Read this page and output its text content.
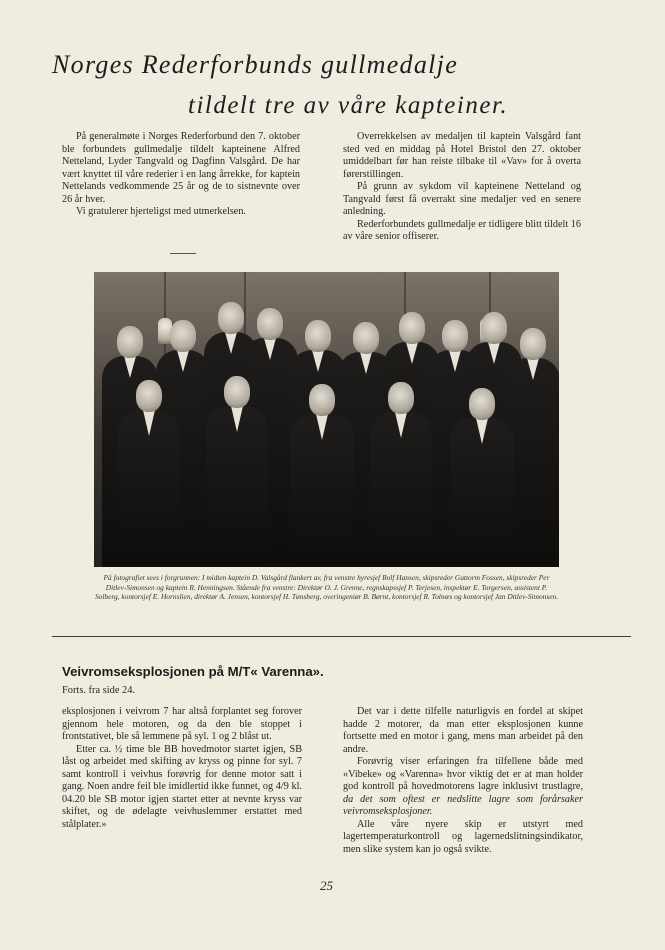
Norges Rederforbunds gullmedalje
tildelt tre av våre kapteiner.

På generalmøte i Norges Rederforbund den 7. oktober ble forbundets gullmedalje tildelt kapteinene Alfred Netteland, Lyder Tangvald og Dagfinn Valsgård. De har vært knyttet til våre rederier i en lang årrekke, for kaptein Nettelands vedkommende 25 år og de to sistnevnte over 26 år hver.

Vi gratulerer hjerteligst med utmerkelsen.

Overrekkelsen av medaljen til kaptein Valsgård fant sted ved en middag på Hotel Bristol den 27. oktober umiddelbart før han reiste tilbake til «Vav» for å overta førerstillingen.

På grunn av sykdom vil kapteinene Netteland og Tangvald først få overrakt sine medaljer ved en senere anledning.

Rederforbundets gullmedalje er tidligere blitt tildelt 16 av våre senior offiserer.

På fotografiet sees i forgrunnen: I midten kaptein D. Valsgård flankert av, fra venstre hyresjef Rolf Hansen, skipsreder Guttorm Fossen, skipsreder Per Ditlev-Simonsen og kaptein R. Henningsen. Stående fra venstre: Direktør O. J. Grenne, regnskapssjef P. Terjesen, inspektør E. Torgersen, assistent P. Solberg, kontorsjef E. Hornslien, direktør A. Jensen, kontorsjef H. Tønsberg, overingeniør B. Børnt, kontorsjef R. Tolnæs og kontorsjef Jan Ditlev-Simonsen.
Veivromseksplosjonen på M/T« Varenna».
Forts. fra side 24.

eksplosjonen i veivrom 7 har altså forplantet seg forover gjennom hele motoren, og da den ble stoppet i frontstativet, ble så lemmene på syl. 1 og 2 blåst ut.

Etter ca. ½ time ble BB hovedmotor startet igjen, SB låst og arbeidet med skifting av kryss og pinne for syl. 7 samt kontroll i veivhus forøvrig for denne motor satt i gang. Noen andre feil ble imidlertid ikke funnet, og 4/9 kl. 04.20 ble SB motor igjen startet etter at nevnte kryss var skiftet, og de ødelagte veivhuslemmer erstattet med stålplater.»

Det var i dette tilfelle naturligvis en fordel at skipet hadde 2 motorer, da man etter eksplosjonen kunne fortsette med en motor i gang, mens man arbeidet på den andre.

Forøvrig viser erfaringen fra tilfellene både med «Vibeke» og «Varenna» hvor viktig det er at man holder god kontroll på hovedmotorens lagre inklusivt trustlagre, da det som oftest er nedslitte lagre som forårsaker veivromseksplosjoner.

Alle våre nyere skip er utstyrt med lagertemperaturkontroll og lagernedslitningsindikator, men slike system kan jo også svikte.

25
